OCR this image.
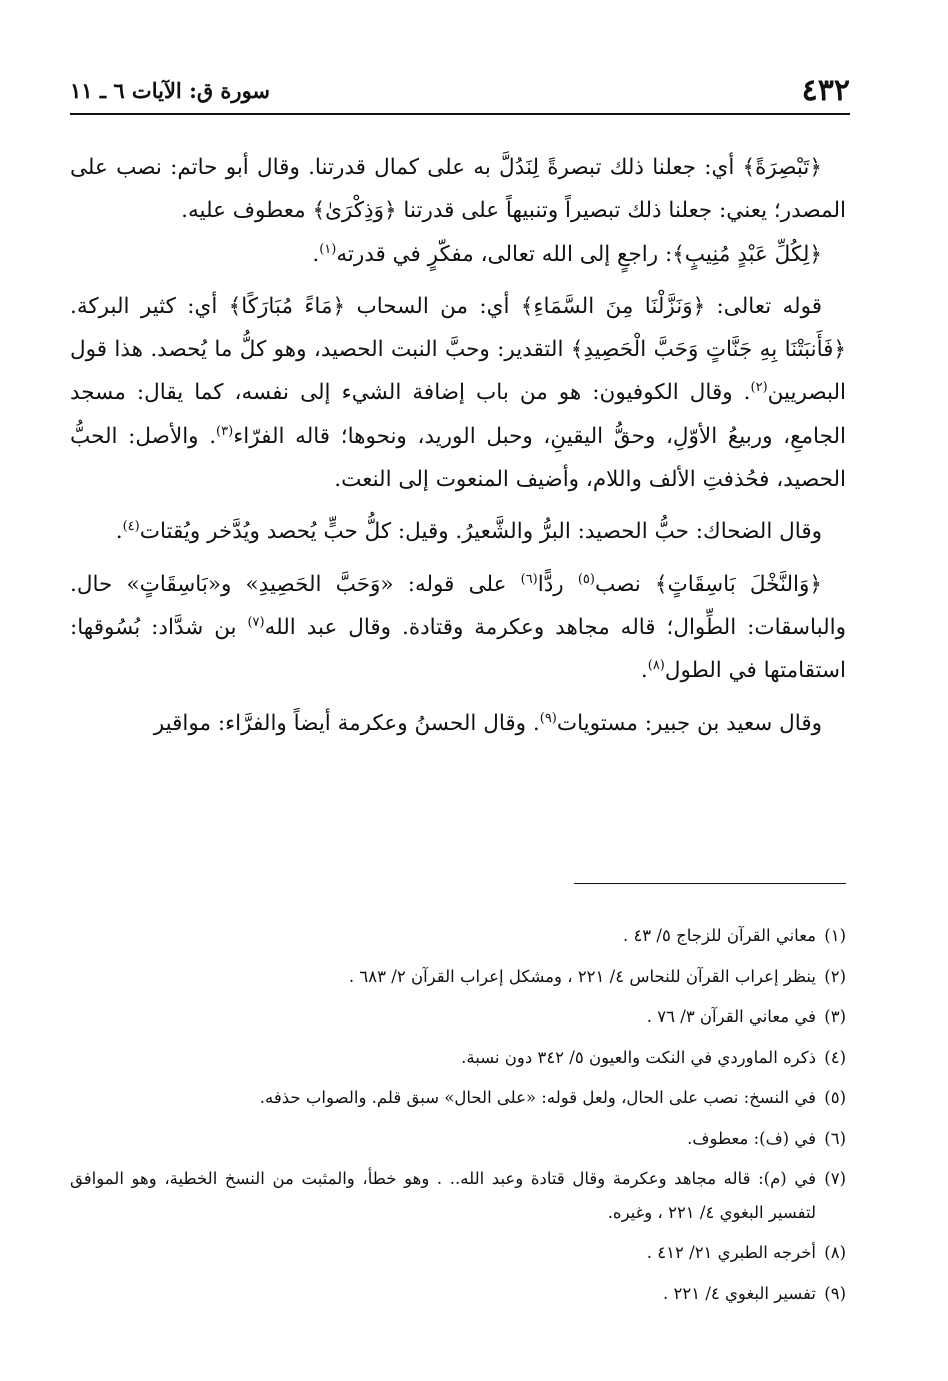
٤٣٢
سورة ق: الآيات ٦ ـ ١١

﴿تَبْصِرَةً﴾ أي: جعلنا ذلك تبصرةً لِنَدُلَّ به على كمال قدرتنا. وقال أبو حاتم: نصب على المصدر؛ يعني: جعلنا ذلك تبصيراً وتنبيهاً على قدرتنا ﴿وَذِكْرَىٰ﴾ معطوف عليه.

﴿لِكُلِّ عَبْدٍ مُنِيبٍ﴾: راجعٍ إلى الله تعالى، مفكّرٍ في قدرته$^{(١)}$.

قوله تعالى: ﴿وَنَزَّلْنَا مِنَ السَّمَاءِ﴾ أي: من السحاب ﴿مَاءً مُبَارَكًا﴾ أي: كثير البركة. ﴿فَأَنبَتْنَا بِهِ جَنَّاتٍ وَحَبَّ الْحَصِيدِ﴾ التقدير: وحبَّ النبت الحصيد، وهو كلُّ ما يُحصد. هذا قول البصريين$^{(٢)}$. وقال الكوفيون: هو من باب إضافة الشيء إلى نفسه، كما يقال: مسجد الجامعِ، وربيعُ الأوّلِ، وحقُّ اليقينِ، وحبل الوريد، ونحوها؛ قاله الفرّاء$^{(٣)}$. والأصل: الحبُّ الحصيد، فحُذفتِ الألف واللام، وأضيف المنعوت إلى النعت.

وقال الضحاك: حبُّ الحصيد: البرُّ والشَّعيرُ. وقيل: كلُّ حبٍّ يُحصد ويُدَّخر ويُقتات$^{(٤)}$.

﴿وَالنَّخْلَ بَاسِقَاتٍ﴾ نصب$^{(٥)}$ ردًّا$^{(٦)}$ على قوله: «وَحَبَّ الحَصِيدِ» و«بَاسِقَاتٍ» حال. والباسقات: الطِّوال؛ قاله مجاهد وعكرمة وقتادة. وقال عبد الله$^{(٧)}$ بن شدَّاد: بُسُوقها: استقامتها في الطول$^{(٨)}$.

وقال سعيد بن جبير: مستويات$^{(٩)}$. وقال الحسنُ وعكرمة أيضاً والفرَّاء: مواقير

(١)
معاني القرآن للزجاج ٥/ ٤٣ .
(٢)
ينظر إعراب القرآن للنحاس ٤/ ٢٢١ ، ومشكل إعراب القرآن ٢/ ٦٨٣ .
(٣)
في معاني القرآن ٣/ ٧٦ .
(٤)
ذكره الماوردي في النكت والعيون ٥/ ٣٤٢ دون نسبة.
(٥)
في النسخ: نصب على الحال، ولعل قوله: «على الحال» سبق قلم. والصواب حذفه.
(٦)
في (ف): معطوف.
(٧)
في (م): قاله مجاهد وعكرمة وقال قتادة وعبد الله.. . وهو خطأ، والمثبت من النسخ الخطية، وهو الموافق لتفسير البغوي ٤/ ٢٢١ ، وغيره.
(٨)
أخرجه الطبري ٢١/ ٤١٢ .
(٩)
تفسير البغوي ٤/ ٢٢١ .
